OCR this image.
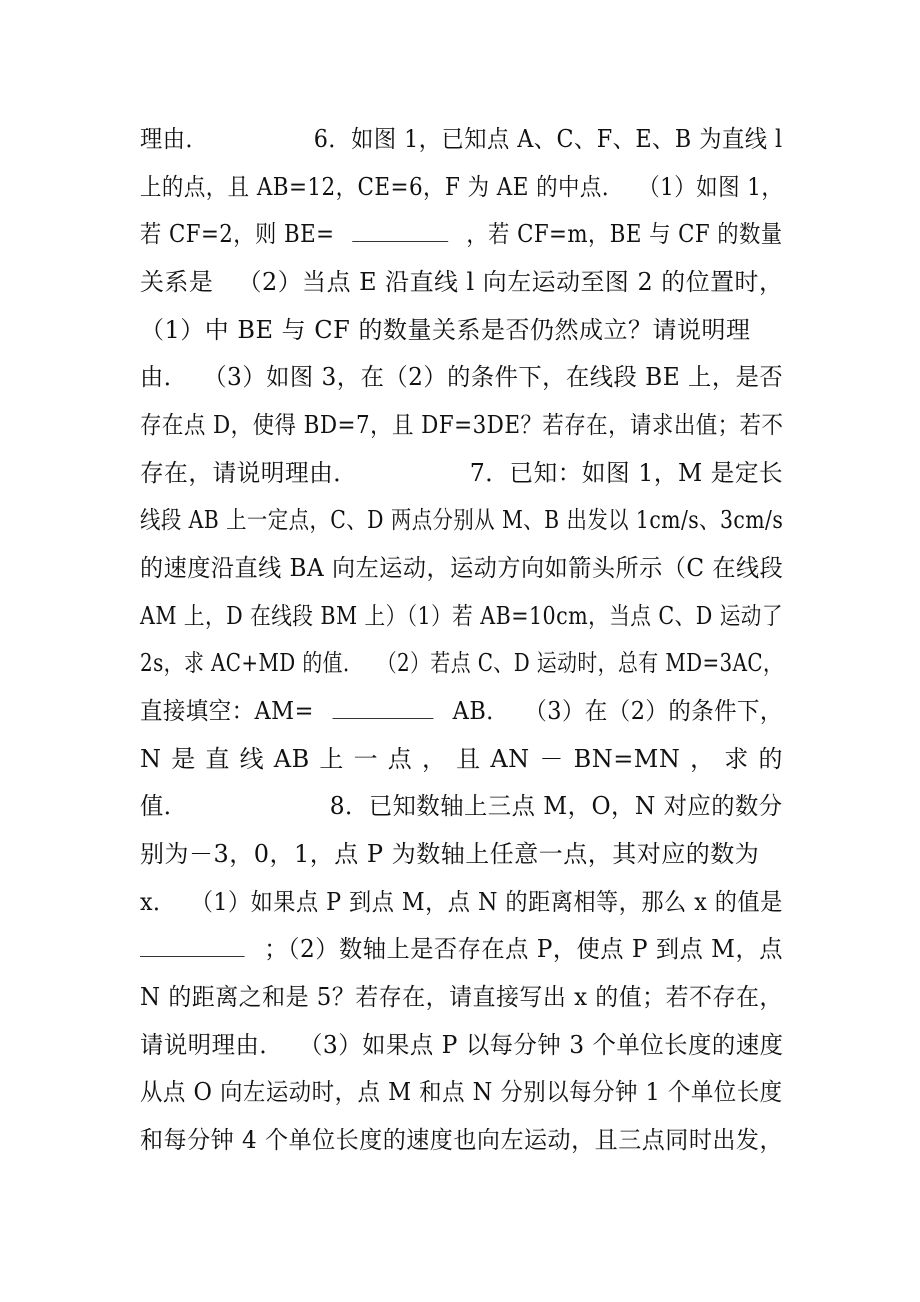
理由．              6．如图 1，已知点 A、C、F、E、B 为直线 l
上的点，且 AB=12，CE=6，F 为 AE 的中点．  （1）如图 1，
若 CF=2，则 BE=	，若 CF=m，BE 与 CF 的数量
关系是   （2）当点 E 沿直线 l 向左运动至图 2 的位置时，
（1）中 BE 与 CF 的数量关系是否仍然成立？请说明理
由．  （3）如图 3，在（2）的条件下，在线段 BE 上，是否
存在点 D，使得 BD=7，且 DF=3DE？若存在，请求出值；若不
存在，请说明理由．              7．已知：如图 1，M 是定长
线段 AB 上一定点，C、D 两点分别从 M、B 出发以 1cm/s、3cm/s
的速度沿直线 BA 向左运动，运动方向如箭头所示（C 在线段
AM 上，D 在线段 BM 上）（1）若 AB=10cm，当点 C、D 运动了
2s，求 AC+MD 的值．  （2）若点 C、D 运动时，总有 MD=3AC，
直接填空：AM=	AB．  （3）在（2）的条件下，
N 是 直 线 AB 上 一 点 ， 且 AN － BN=MN ， 求 的
值．                  8．已知数轴上三点 M，O，N 对应的数分
别为－3，0，1，点 P 为数轴上任意一点，其对应的数为
x．  （1）如果点 P 到点 M，点 N 的距离相等，那么 x 的值是
；（2）数轴上是否存在点 P，使点 P 到点 M，点
N 的距离之和是 5？若存在，请直接写出 x 的值；若不存在，
请说明理由．  （3）如果点 P 以每分钟 3 个单位长度的速度
从点 O 向左运动时，点 M 和点 N 分别以每分钟 1 个单位长度
和每分钟 4 个单位长度的速度也向左运动，且三点同时出发，
